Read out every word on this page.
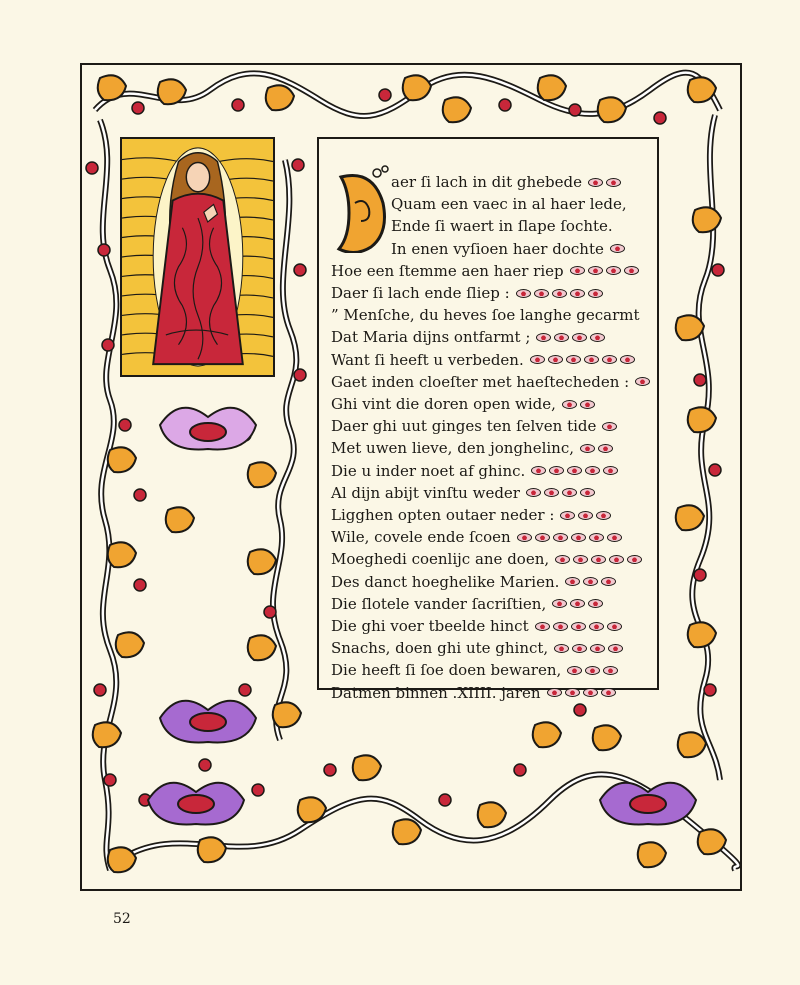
aer ſi lach in dit ghebede
Quam een vaec in al haer lede,
Ende ſi waert in ſlape ſochte.
In enen vyſioen haer dochte
Hoe een ſtemme aen haer riep
Daer ſi lach ende ſliep :
” Menſche, du heves ſoe langhe gecarmt
Dat Maria dijns ontfarmt ;
Want ſi heeft u verbeden.
Gaet inden cloeſter met haeſtecheden :
Ghi vint die doren open wide,
Daer ghi uut ginges ten ſelven tide
Met uwen lieve, den jonghelinc,
Die u inder noet af ghinc.
Al dijn abijt vinſtu weder
Ligghen opten outaer neder :
Wile, covele ende ſcoen
Moeghedi coenlijc ane doen,
Des danct hoeghelike Marien.
Die ſlotele vander ſacriſtien,
Die ghi voer tbeelde hinct
Snachs, doen ghi ute ghinct,
Die heeft ſi ſoe doen bewaren,
Datmen binnen .XIIII. jaren
52
